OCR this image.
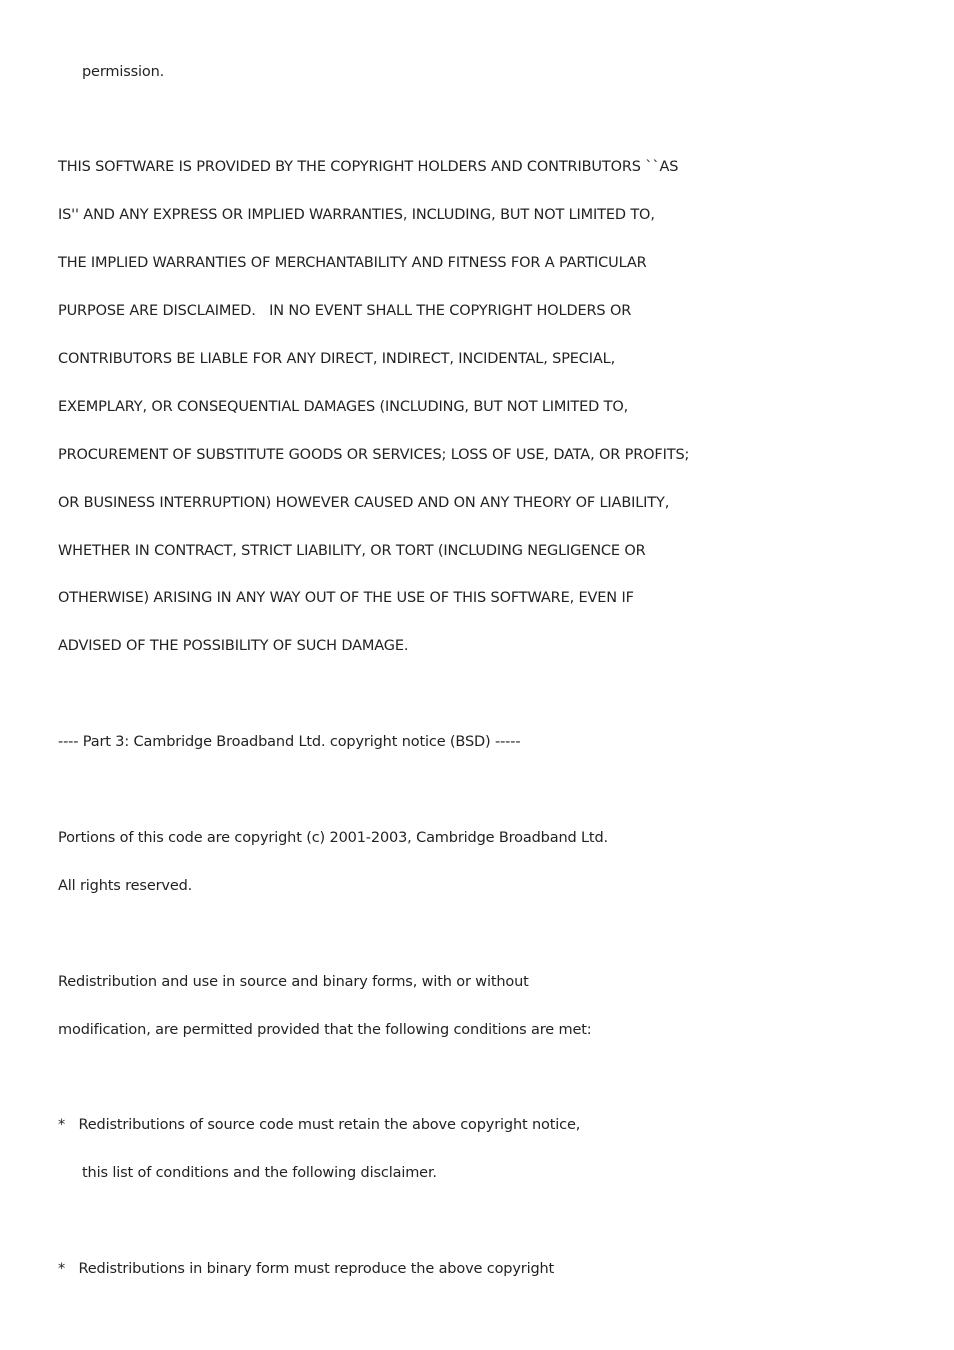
permission.
THIS SOFTWARE IS PROVIDED BY THE COPYRIGHT HOLDERS AND CONTRIBUTORS ``AS
IS'' AND ANY EXPRESS OR IMPLIED WARRANTIES, INCLUDING, BUT NOT LIMITED TO,
THE IMPLIED WARRANTIES OF MERCHANTABILITY AND FITNESS FOR A PARTICULAR
PURPOSE ARE DISCLAIMED.   IN NO EVENT SHALL THE COPYRIGHT HOLDERS OR
CONTRIBUTORS BE LIABLE FOR ANY DIRECT, INDIRECT, INCIDENTAL, SPECIAL,
EXEMPLARY, OR CONSEQUENTIAL DAMAGES (INCLUDING, BUT NOT LIMITED TO,
PROCUREMENT OF SUBSTITUTE GOODS OR SERVICES; LOSS OF USE, DATA, OR PROFITS;
OR BUSINESS INTERRUPTION) HOWEVER CAUSED AND ON ANY THEORY OF LIABILITY,
WHETHER IN CONTRACT, STRICT LIABILITY, OR TORT (INCLUDING NEGLIGENCE OR
OTHERWISE) ARISING IN ANY WAY OUT OF THE USE OF THIS SOFTWARE, EVEN IF
ADVISED OF THE POSSIBILITY OF SUCH DAMAGE.
---- Part 3: Cambridge Broadband Ltd. copyright notice (BSD) -----
Portions of this code are copyright (c) 2001-2003, Cambridge Broadband Ltd.
All rights reserved.
Redistribution and use in source and binary forms, with or without
modification, are permitted provided that the following conditions are met:
*   Redistributions of source code must retain the above copyright notice,
this list of conditions and the following disclaimer.
*   Redistributions in binary form must reproduce the above copyright
